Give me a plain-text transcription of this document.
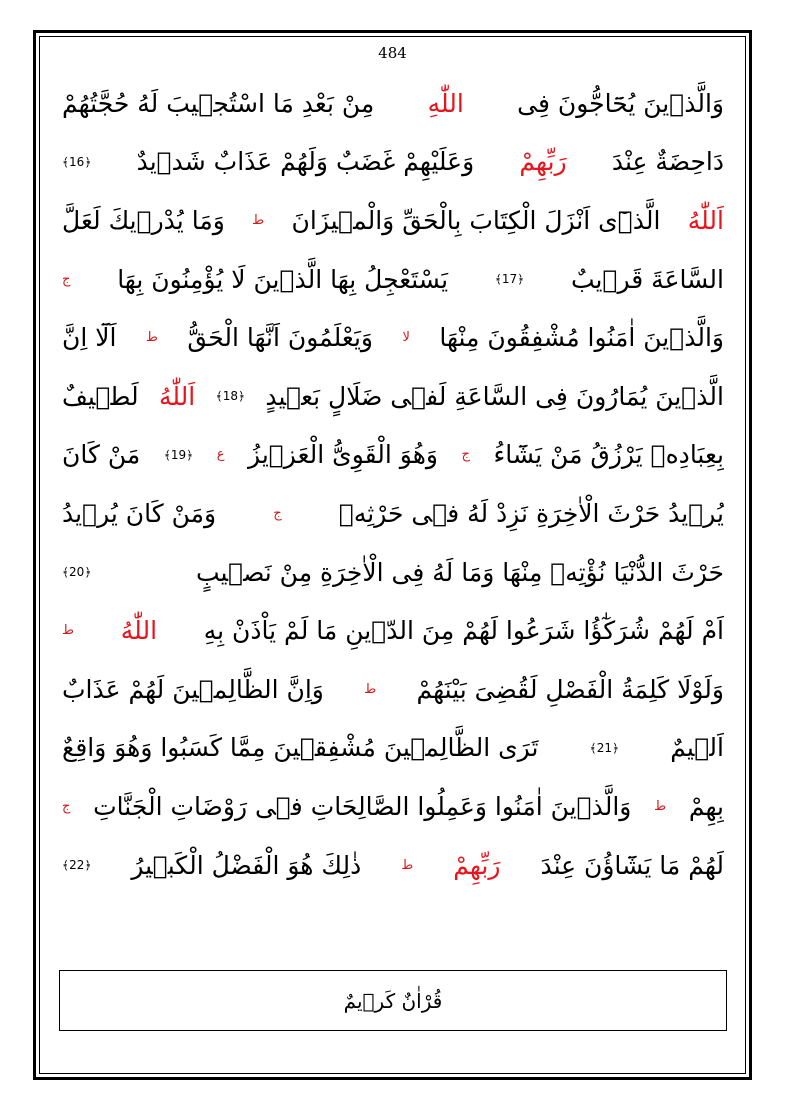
484
وَالَّذٖينَ يُحَٓاجُّونَ فِى
اللّٰهِ
مِنْ بَعْدِ مَا اسْتُجٖيبَ لَهُ حُجَّتُهُمْ
دَاحِضَةٌ عِنْدَ
رَبِّهِمْ
وَعَلَيْهِمْ غَضَبٌ وَلَهُمْ عَذَابٌ شَدٖيدٌ
﴿16﴾
اَللّٰهُ
الَّذٖٓى اَنْزَلَ الْكِتَابَ بِالْحَقِّ وَالْمٖيزَانَ
ط
وَمَا يُدْرٖيكَ لَعَلَّ
السَّاعَةَ قَرٖيبٌ
﴿17﴾
يَسْتَعْجِلُ بِهَا الَّذٖينَ لَا يُؤْمِنُونَ بِهَا
ج
وَالَّذٖينَ اٰمَنُوا مُشْفِقُونَ مِنْهَا
لا
وَيَعْلَمُونَ اَنَّهَا الْحَقُّ
ط
اَلَٓا اِنَّ
الَّذٖينَ يُمَارُونَ فِى السَّاعَةِ لَفٖى ضَلَالٍ بَعٖيدٍ
﴿18﴾
اَللّٰهُ
لَطٖيفٌ
بِعِبَادِهٖ يَرْزُقُ مَنْ يَشَٓاءُ
ج
وَهُوَ الْقَوِىُّ الْعَزٖيزُ
ع
﴿19﴾
مَنْ كَانَ
يُرٖيدُ حَرْثَ الْاٰخِرَةِ نَزِدْ لَهُ فٖى حَرْثِهٖ
ج
وَمَنْ كَانَ يُرٖيدُ
حَرْثَ الدُّنْيَا نُؤْتِهٖ مِنْهَا وَمَا لَهُ فِى الْاٰخِرَةِ مِنْ نَصٖيبٍ
﴿20﴾
اَمْ لَهُمْ شُرَكٰٓؤُا شَرَعُوا لَهُمْ مِنَ الدّٖينِ مَا لَمْ يَاْذَنْ بِهِ
اللّٰهُ
ط
وَلَوْلَا كَلِمَةُ الْفَصْلِ لَقُضِىَ بَيْنَهُمْ
ط
وَاِنَّ الظَّالِمٖينَ لَهُمْ عَذَابٌ
اَلٖيمٌ
﴿21﴾
تَرَى الظَّالِمٖينَ مُشْفِقٖينَ مِمَّا كَسَبُوا وَهُوَ وَاقِعٌ
بِهِمْ
ط
وَالَّذٖينَ اٰمَنُوا وَعَمِلُوا الصَّالِحَاتِ فٖى رَوْضَاتِ الْجَنَّاتِ
ج
لَهُمْ مَا يَشَٓاؤُنَ عِنْدَ
رَبِّهِمْ
ط
ذٰلِكَ هُوَ الْفَضْلُ الْكَبٖيرُ
﴿22﴾
قُرْاٰنٌ كَرٖيمٌ
